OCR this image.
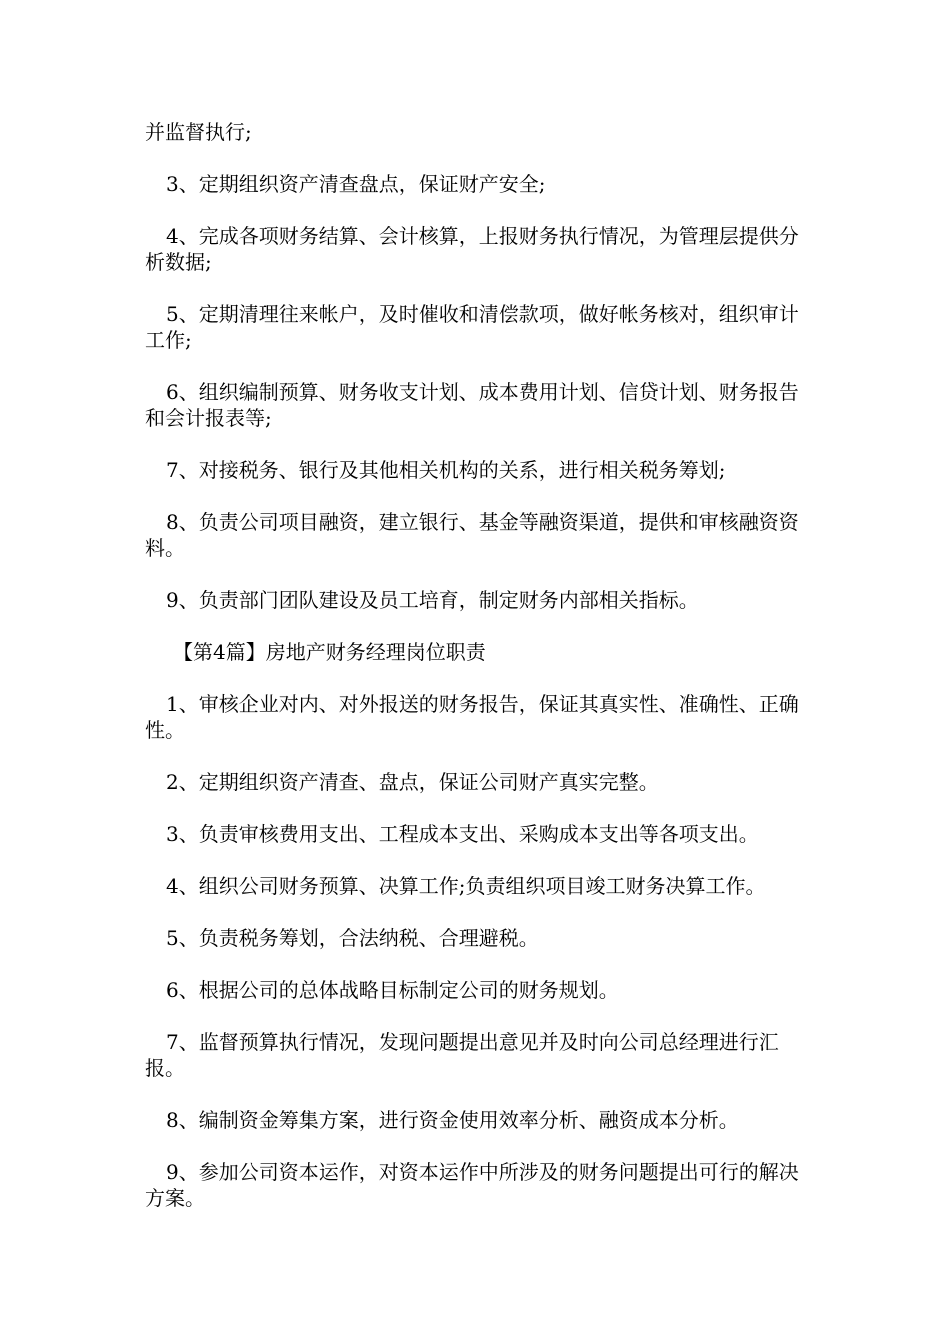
并监督执行;

3、定期组织资产清查盘点，保证财产安全;

4、完成各项财务结算、会计核算，上报财务执行情况，为管理层提供分析数据;

5、定期清理往来帐户，及时催收和清偿款项，做好帐务核对，组织审计工作;

6、组织编制预算、财务收支计划、成本费用计划、信贷计划、财务报告和会计报表等;

7、对接税务、银行及其他相关机构的关系，进行相关税务筹划;

8、负责公司项目融资，建立银行、基金等融资渠道，提供和审核融资资料。

9、负责部门团队建设及员工培育，制定财务内部相关指标。

【第4篇】房地产财务经理岗位职责

1、审核企业对内、对外报送的财务报告，保证其真实性、准确性、正确性。

2、定期组织资产清查、盘点，保证公司财产真实完整。

3、负责审核费用支出、工程成本支出、采购成本支出等各项支出。

4、组织公司财务预算、决算工作;负责组织项目竣工财务决算工作。

5、负责税务筹划，合法纳税、合理避税。

6、根据公司的总体战略目标制定公司的财务规划。

7、监督预算执行情况，发现问题提出意见并及时向公司总经理进行汇报。

8、编制资金筹集方案，进行资金使用效率分析、融资成本分析。

9、参加公司资本运作，对资本运作中所涉及的财务问题提出可行的解决方案。
